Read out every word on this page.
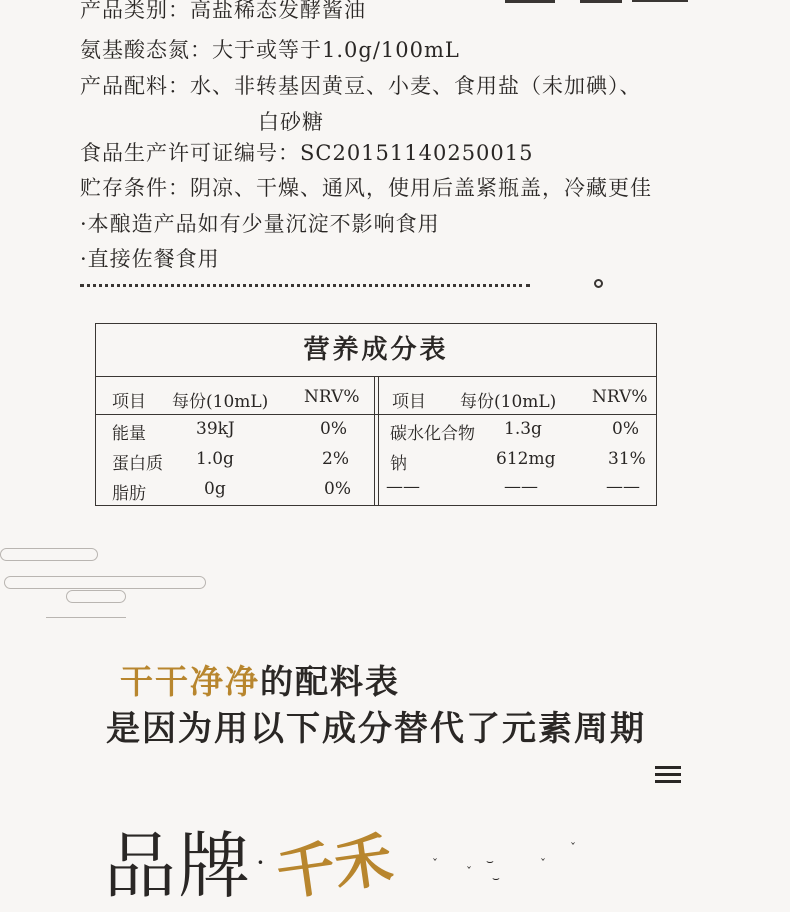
产品类别：高盐稀态发酵酱油
氨基酸态氮：大于或等于1.0g/100mL
产品配料：水、非转基因黄豆、小麦、食用盐（未加碘）、
白砂糖
食品生产许可证编号：SC20151140250015
贮存条件：阴凉、干燥、通风，使用后盖紧瓶盖，冷藏更佳
·本酿造产品如有少量沉淀不影响食用
·直接佐餐食用
营养成分表
项目 每份(10mL) NRV%
能量	39kJ	0%
蛋白质 1.0g	2%
脂肪	0g	0%
项目 每份(10mL) NRV%
碳水化合物 1.3g	0%
钠	612mg	31%
——	——	——
干干净净的配料表
是因为用以下成分替代了元素周期
品牌 · 千禾	ˇ
ˇ
⌣	ˇ
ˇ
⌣
